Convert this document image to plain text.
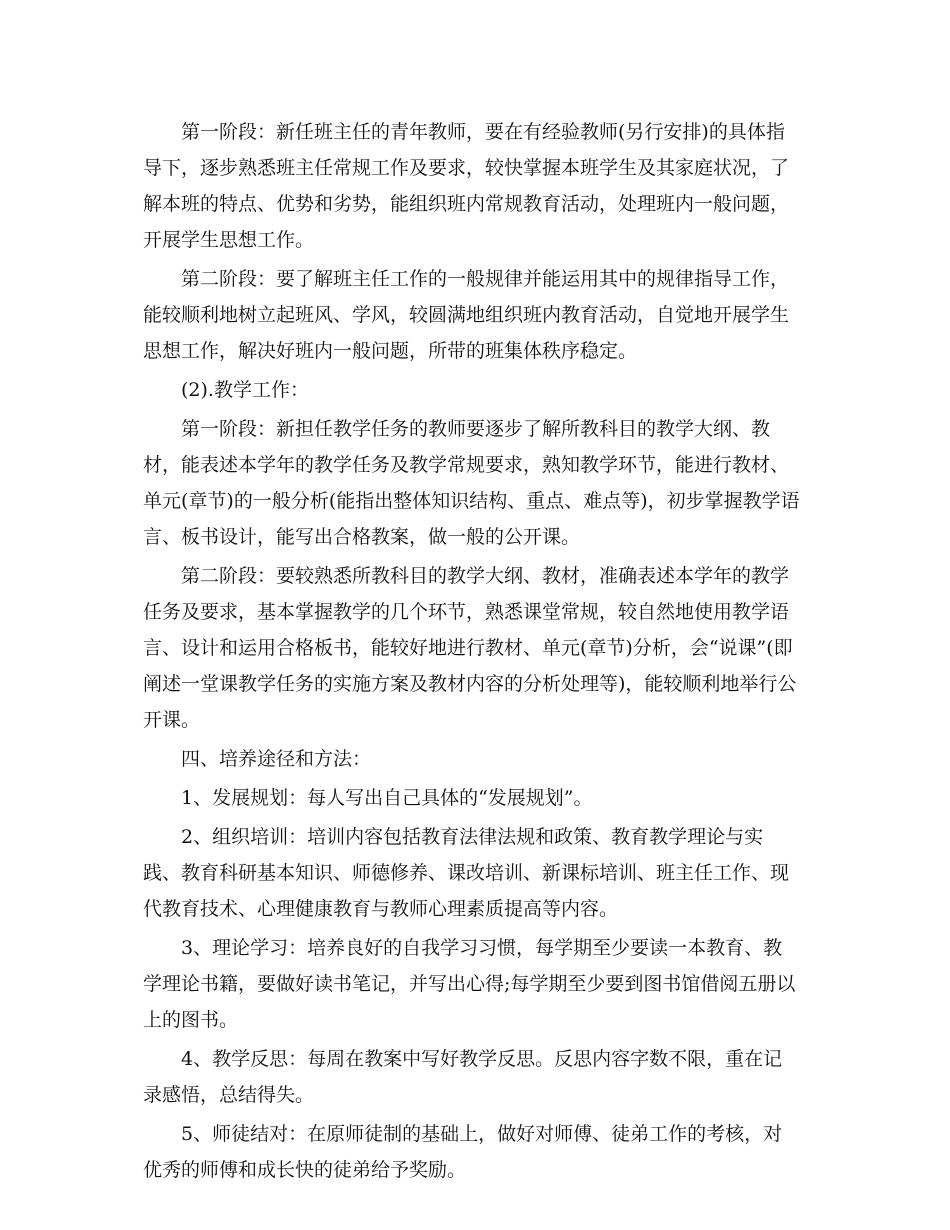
第一阶段：新任班主任的青年教师，要在有经验教师(另行安排)的具体指导下，逐步熟悉班主任常规工作及要求，较快掌握本班学生及其家庭状况，了解本班的特点、优势和劣势，能组织班内常规教育活动，处理班内一般问题，开展学生思想工作。

第二阶段：要了解班主任工作的一般规律并能运用其中的规律指导工作，能较顺利地树立起班风、学风，较圆满地组织班内教育活动，自觉地开展学生思想工作，解决好班内一般问题，所带的班集体秩序稳定。

(2).教学工作：

第一阶段：新担任教学任务的教师要逐步了解所教科目的教学大纲、教材，能表述本学年的教学任务及教学常规要求，熟知教学环节，能进行教材、单元(章节)的一般分析(能指出整体知识结构、重点、难点等)，初步掌握教学语言、板书设计，能写出合格教案，做一般的公开课。

第二阶段：要较熟悉所教科目的教学大纲、教材，准确表述本学年的教学任务及要求，基本掌握教学的几个环节，熟悉课堂常规，较自然地使用教学语言、设计和运用合格板书，能较好地进行教材、单元(章节)分析，会“说课”(即阐述一堂课教学任务的实施方案及教材内容的分析处理等)，能较顺利地举行公开课。

四、培养途径和方法：

1、发展规划：每人写出自己具体的“发展规划”。

2、组织培训：培训内容包括教育法律法规和政策、教育教学理论与实践、教育科研基本知识、师德修养、课改培训、新课标培训、班主任工作、现代教育技术、心理健康教育与教师心理素质提高等内容。

3、理论学习：培养良好的自我学习习惯，每学期至少要读一本教育、教学理论书籍，要做好读书笔记，并写出心得;每学期至少要到图书馆借阅五册以上的图书。

4、教学反思：每周在教案中写好教学反思。反思内容字数不限，重在记录感悟，总结得失。

5、师徒结对：在原师徒制的基础上，做好对师傅、徒弟工作的考核，对优秀的师傅和成长快的徒弟给予奖励。
